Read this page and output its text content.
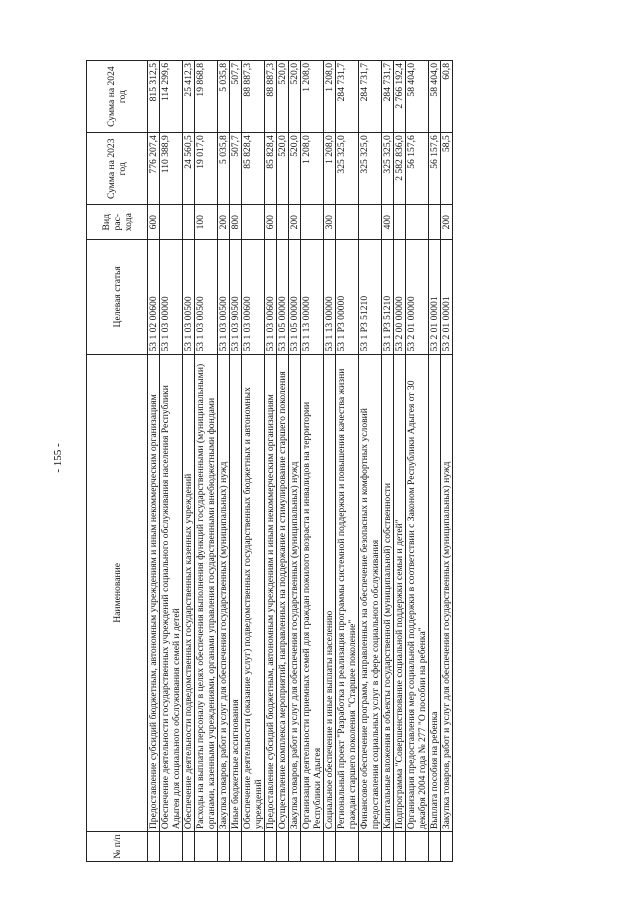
- 155 -
№ п/п	Наименование	Целевая статья	Вид рас- хода	Сумма на 2023 год	Сумма на 2024 год
	Предоставление субсидий бюджетным, автономным учреждениям и иным некоммерческим организациям	53 1 02 00600	600	776 207,4	815 312,5
	Обеспечение деятельности государственных учреждений социального обслуживания населения Республики Адыгея для социального обслуживания семей и детей	53 1 03 00000		110 388,9	114 299,6
	Обеспечение деятельности подведомственных государственных казенных учреждений	53 1 03 00500		24 560,5	25 412,3
	Расходы на выплаты персоналу в целях обеспечения выполнения функций государственными (муниципальными) органами, казенными учреждениями, органами управления государственными внебюджетными фондами	53 1 03 00500	100	19 017,0	19 868,8
	Закупка товаров, работ и услуг для обеспечения государственных (муниципальных) нужд	53 1 03 00500	200	5 035,8	5 035,8
	Иные бюджетные ассигнования	53 1 03 90500	800	507,7	507,7
	Обеспечение деятельности (оказание услуг) подведомственных государственных бюджетных и автономных учреждений	53 1 03 00600		85 828,4	88 887,3
	Предоставление субсидий бюджетным, автономным учреждениям и иным некоммерческим организациям	53 1 03 00600	600	85 828,4	88 887,3
	Осуществление комплекса мероприятий, направленных на поддержание и стимулирование старшего поколения	53 1 05 00000		520,0	520,0
	Закупка товаров, работ и услуг для обеспечения государственных (муниципальных) нужд	53 1 05 00000	200	520,0	520,0
	Организация деятельности приемных семей для граждан пожилого возраста и инвалидов на территории Республики Адыгея	53 1 13 00000		1 208,0	1 208,0
	Социальное обеспечение и иные выплаты населению	53 1 13 00000	300	1 208,0	1 208,0
	Региональный проект "Разработка и реализация программы системной поддержки и повышения качества жизни граждан старшего поколения "Старшее поколение"	53 1 P3 00000		325 325,0	284 731,7
	Финансовое обеспечение программ, направленных на обеспечение безопасных и комфортных условий предоставления социальных услуг в сфере социального обслуживания	53 1 P3 51210		325 325,0	284 731,7
	Капитальные вложения в объекты государственной (муниципальной) собственности	53 1 P3 51210	400	325 325,0	284 731,7
	Подпрограмма "Совершенствование социальной поддержки семьи и детей"	53 2 00 00000		2 582 836,0	2 766 192,4
	Организация предоставления мер социальной поддержки в соответствии с Законом Республики Адыгея от 30 декабря 2004 года № 277 "О пособии на ребенка"	53 2 01 00000		56 157,6	58 404,0
	Выплата пособия на ребенка	53 2 01 00001		56 157,6	58 404,0
	Закупка товаров, работ и услуг для обеспечения государственных (муниципальных) нужд	53 2 01 00001	200	58,5	60,8
